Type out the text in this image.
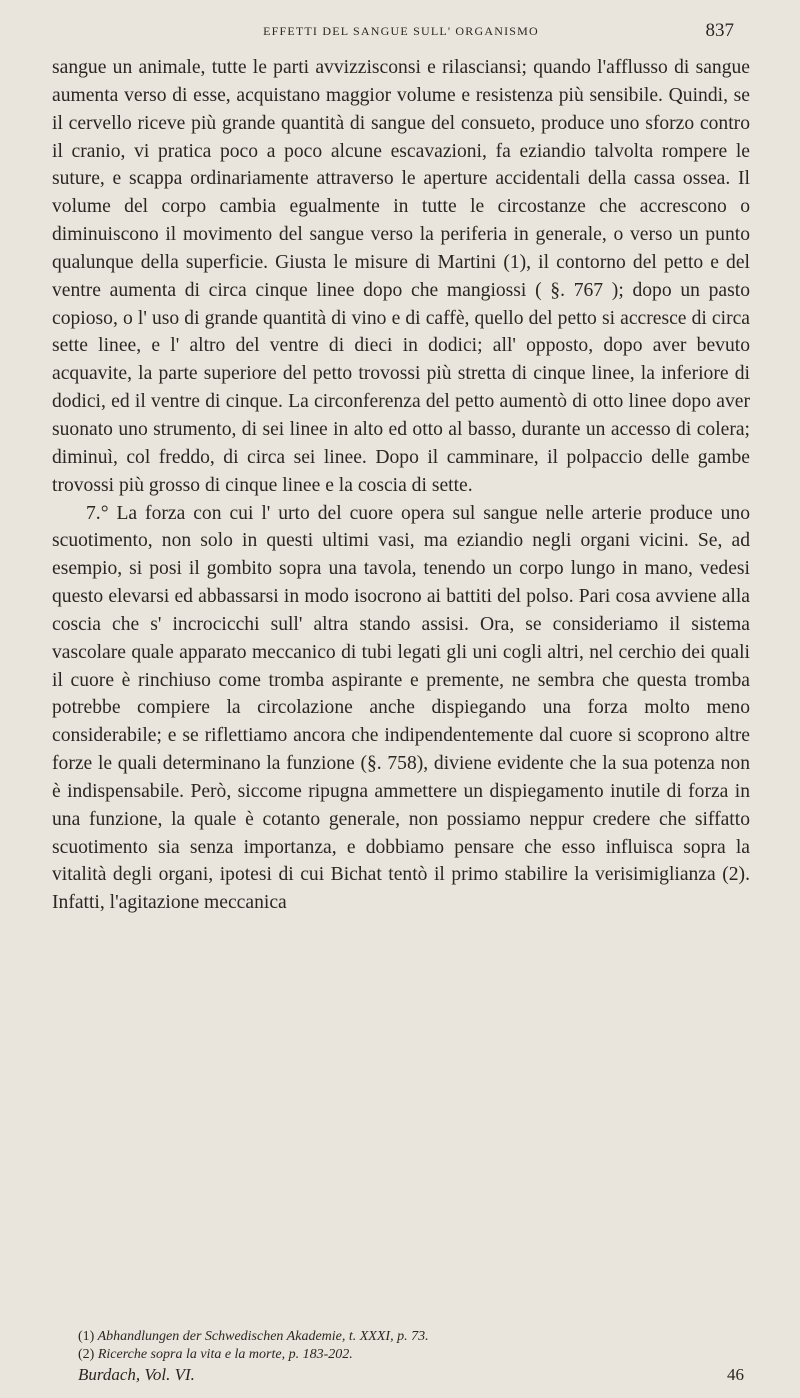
EFFETTI DEL SANGUE SULL' ORGANISMO	837

sangue un animale, tutte le parti avvizzisconsi e rilasciansi; quando l'afflusso di sangue aumenta verso di esse, acquistano maggior volume e resistenza più sensibile. Quindi, se il cervello riceve più grande quantità di sangue del consueto, produce uno sforzo contro il cranio, vi pratica poco a poco alcune escavazioni, fa eziandio talvolta rompere le suture, e scappa ordinariamente attraverso le aperture accidentali della cassa ossea. Il volume del corpo cambia egualmente in tutte le circostanze che accrescono o diminuiscono il movimento del sangue verso la periferia in generale, o verso un punto qualunque della superficie. Giusta le misure di Martini (1), il contorno del petto e del ventre aumenta di circa cinque linee dopo che mangiossi ( §. 767 ); dopo un pasto copioso, o l' uso di grande quantità di vino e di caffè, quello del petto si accresce di circa sette linee, e l' altro del ventre di dieci in dodici; all' opposto, dopo aver bevuto acquavite, la parte superiore del petto trovossi più stretta di cinque linee, la inferiore di dodici, ed il ventre di cinque. La circonferenza del petto aumentò di otto linee dopo aver suonato uno strumento, di sei linee in alto ed otto al basso, durante un accesso di colera; diminuì, col freddo, di circa sei linee. Dopo il camminare, il polpaccio delle gambe trovossi più grosso di cinque linee e la coscia di sette.

7.° La forza con cui l' urto del cuore opera sul sangue nelle arterie produce uno scuotimento, non solo in questi ultimi vasi, ma eziandio negli organi vicini. Se, ad esempio, si posi il gombito sopra una tavola, tenendo un corpo lungo in mano, vedesi questo elevarsi ed abbassarsi in modo isocrono ai battiti del polso. Pari cosa avviene alla coscia che s' incrocicchi sull' altra stando assisi. Ora, se consideriamo il sistema vascolare quale apparato meccanico di tubi legati gli uni cogli altri, nel cerchio dei quali il cuore è rinchiuso come tromba aspirante e premente, ne sembra che questa tromba potrebbe compiere la circolazione anche dispiegando una forza molto meno considerabile; e se riflettiamo ancora che indipendentemente dal cuore si scoprono altre forze le quali determinano la funzione (§. 758), diviene evidente che la sua potenza non è indispensabile. Però, siccome ripugna ammettere un dispiegamento inutile di forza in una funzione, la quale è cotanto generale, non possiamo neppur credere che siffatto scuotimento sia senza importanza, e dobbiamo pensare che esso influisca sopra la vitalità degli organi, ipotesi di cui Bichat tentò il primo stabilire la verisimiglianza (2). Infatti, l'agitazione meccanica

(1) Abhandlungen der Schwedischen Akademie, t. XXXI, p. 73.

(2) Ricerche sopra la vita e la morte, p. 183-202.

Burdach, Vol. VI.	46
